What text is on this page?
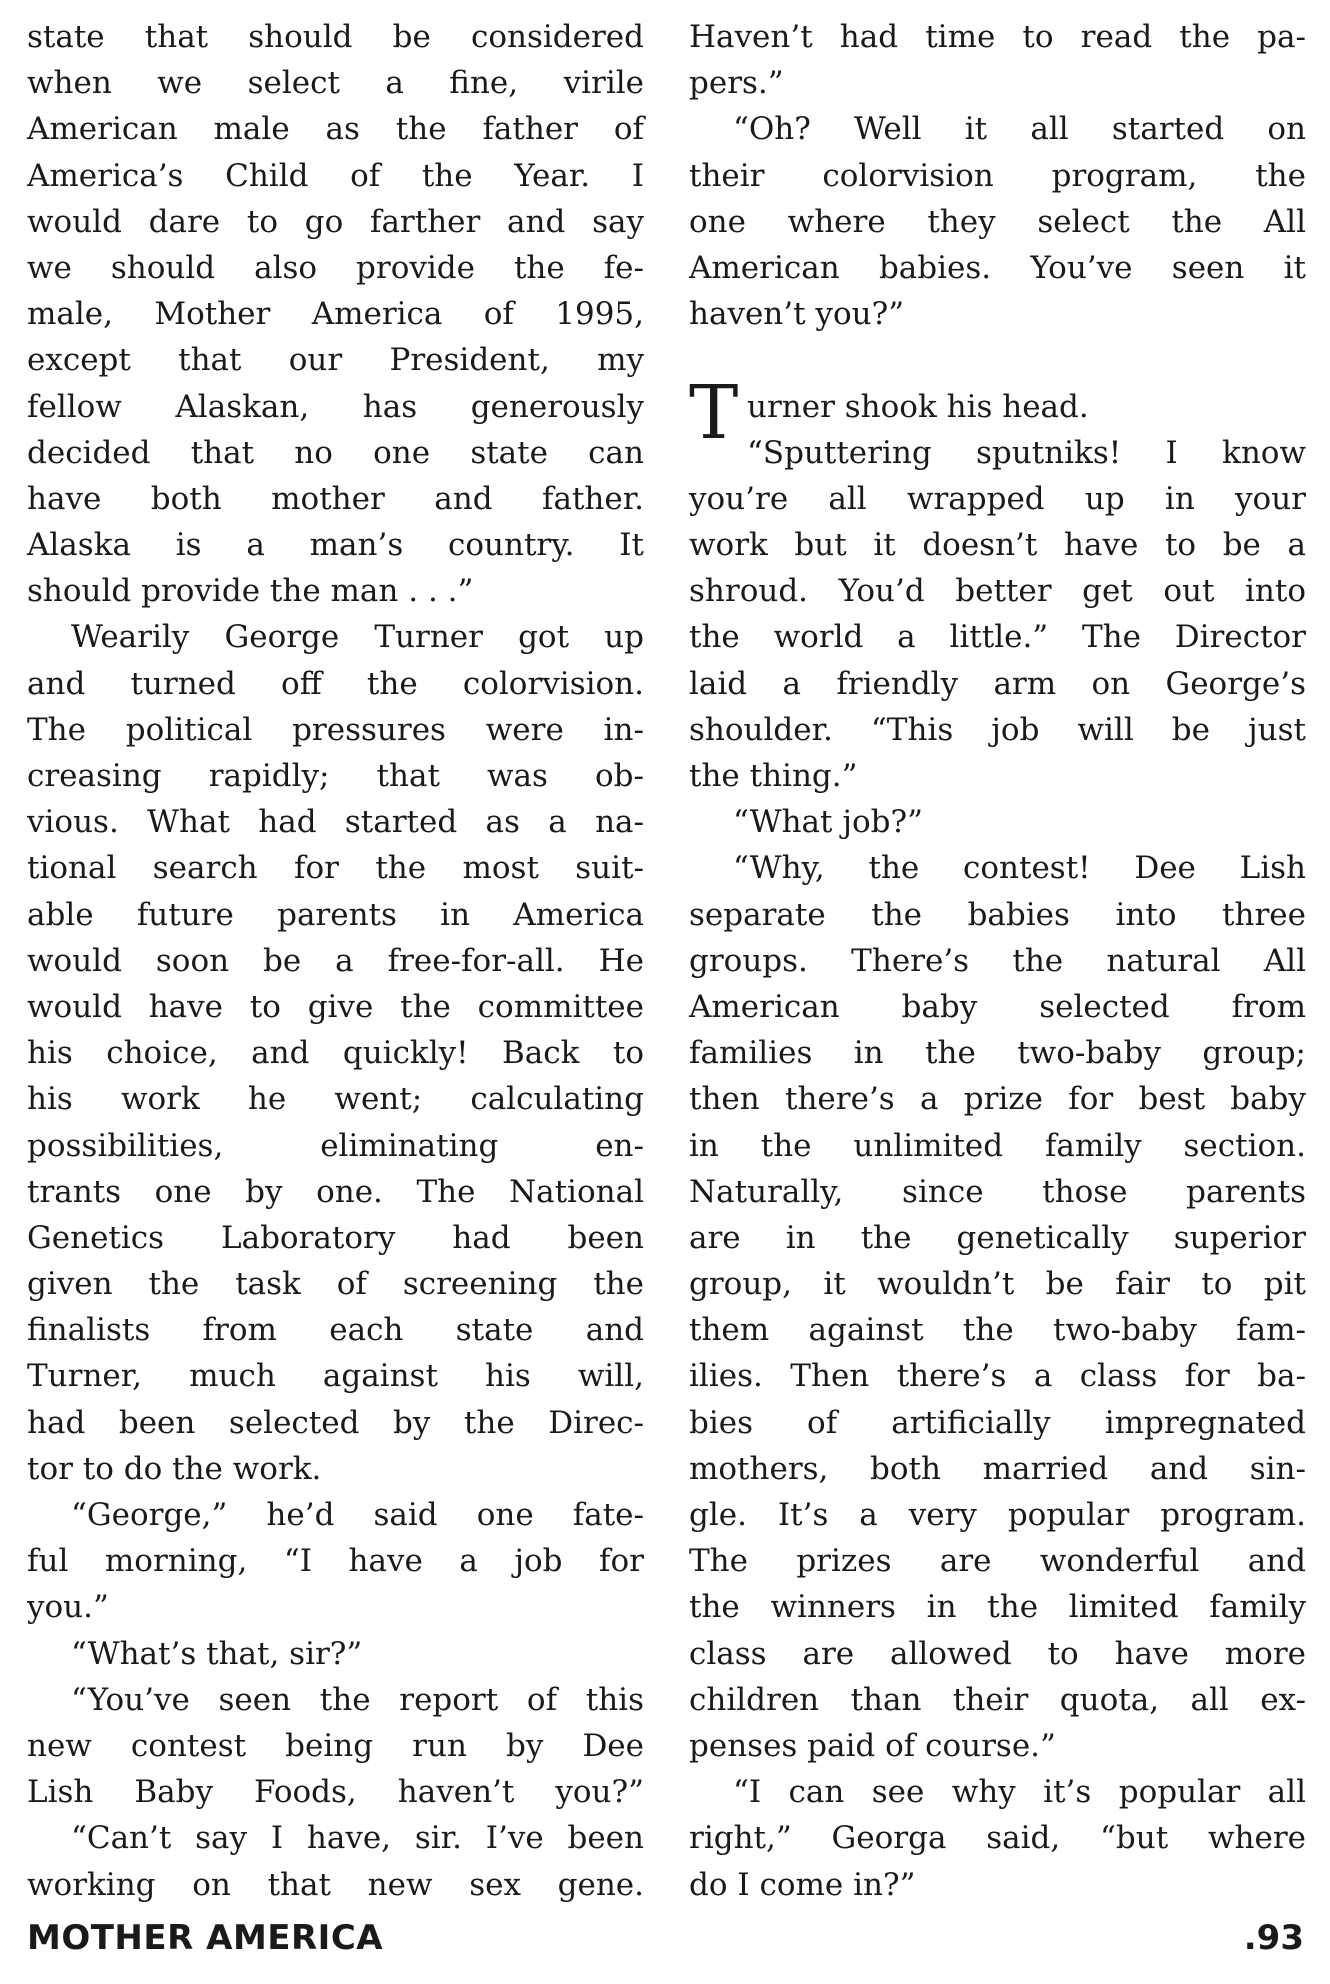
state that should be considered
when we select a fine, virile
American male as the father of
America’s Child of the Year. I
would dare to go farther and say
we should also provide the fe-
male, Mother America of 1995,
except that our President, my
fellow Alaskan, has generously
decided that no one state can
have both mother and father.
Alaska is a man’s country. It
should provide the man . . .”
Wearily George Turner got up
and turned off the colorvision.
The political pressures were in-
creasing rapidly; that was ob-
vious. What had started as a na-
tional search for the most suit-
able future parents in America
would soon be a free-for-all. He
would have to give the committee
his choice, and quickly! Back to
his work he went; calculating
possibilities, eliminating en-
trants one by one. The National
Genetics Laboratory had been
given the task of screening the
finalists from each state and
Turner, much against his will,
had been selected by the Direc-
tor to do the work.
“George,” he’d said one fate-
ful morning, “I have a job for
you.”
“What’s that, sir?”
“You’ve seen the report of this
new contest being run by Dee
Lish Baby Foods, haven’t you?”
“Can’t say I have, sir. I’ve been
working on that new sex gene.
Haven’t had time to read the pa-
pers.”
“Oh? Well it all started on
their colorvision program, the
one where they select the All
American babies. You’ve seen it
haven’t you?”
T urner shook his head.
“Sputtering sputniks! I know
you’re all wrapped up in your
work but it doesn’t have to be a
shroud. You’d better get out into
the world a little.” The Director
laid a friendly arm on George’s
shoulder. “This job will be just
the thing.”
“What job?”
“Why, the contest! Dee Lish
separate the babies into three
groups. There’s the natural All
American baby selected from
families in the two-baby group;
then there’s a prize for best baby
in the unlimited family section.
Naturally, since those parents
are in the genetically superior
group, it wouldn’t be fair to pit
them against the two-baby fam-
ilies. Then there’s a class for ba-
bies of artificially impregnated
mothers, both married and sin-
gle. It’s a very popular program.
The prizes are wonderful and
the winners in the limited family
class are allowed to have more
children than their quota, all ex-
penses paid of course.”
“I can see why it’s popular all
right,” Georga said, “but where
do I come in?”
MOTHER AMERICA	.93
